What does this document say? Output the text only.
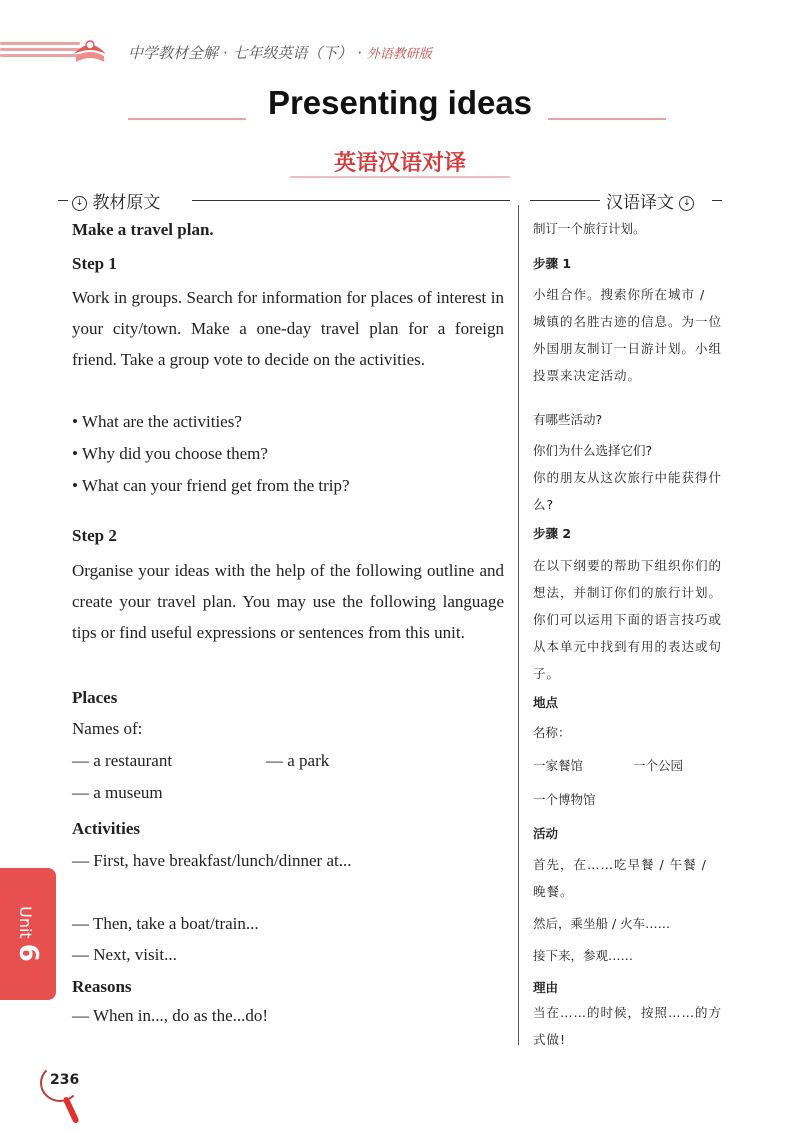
中学教材全解 · 七年级英语（下） · 外语教研版
Presenting ideas
英语汉语对译
↓ 教材原文	汉语译文 ↓
Make a travel plan.
Step 1
Work in groups. Search for information for places of interest in your city/town. Make a one-day travel plan for a foreign friend. Take a group vote to decide on the activities.
• What are the activities?
• Why did you choose them?
• What can your friend get from the trip?
Step 2
Organise your ideas with the help of the following outline and create your travel plan. You may use the following language tips or find useful expressions or sentences from this unit.
Places
Names of:
— a restaurant	— a park
— a museum
Activities
— First, have breakfast/lunch/dinner at...
— Then, take a boat/train...
— Next, visit...
Reasons
— When in..., do as the...do!
制订一个旅行计划。
步骤 1
小组合作。搜索你所在城市 / 城镇的名胜古迹的信息。为一位外国朋友制订一日游计划。小组投票来决定活动。
有哪些活动?
你们为什么选择它们?
你的朋友从这次旅行中能获得什么?
步骤 2
在以下纲要的帮助下组织你们的想法，并制订你们的旅行计划。你们可以运用下面的语言技巧或从本单元中找到有用的表达或句子。
地点
名称：
一家餐馆	一个公园
一个博物馆
活动
首先，在……吃早餐 / 午餐 / 晚餐。
然后，乘坐船 / 火车……
接下来，参观……
理由
当在……的时候，按照……的方式做!
Unit 6
236
